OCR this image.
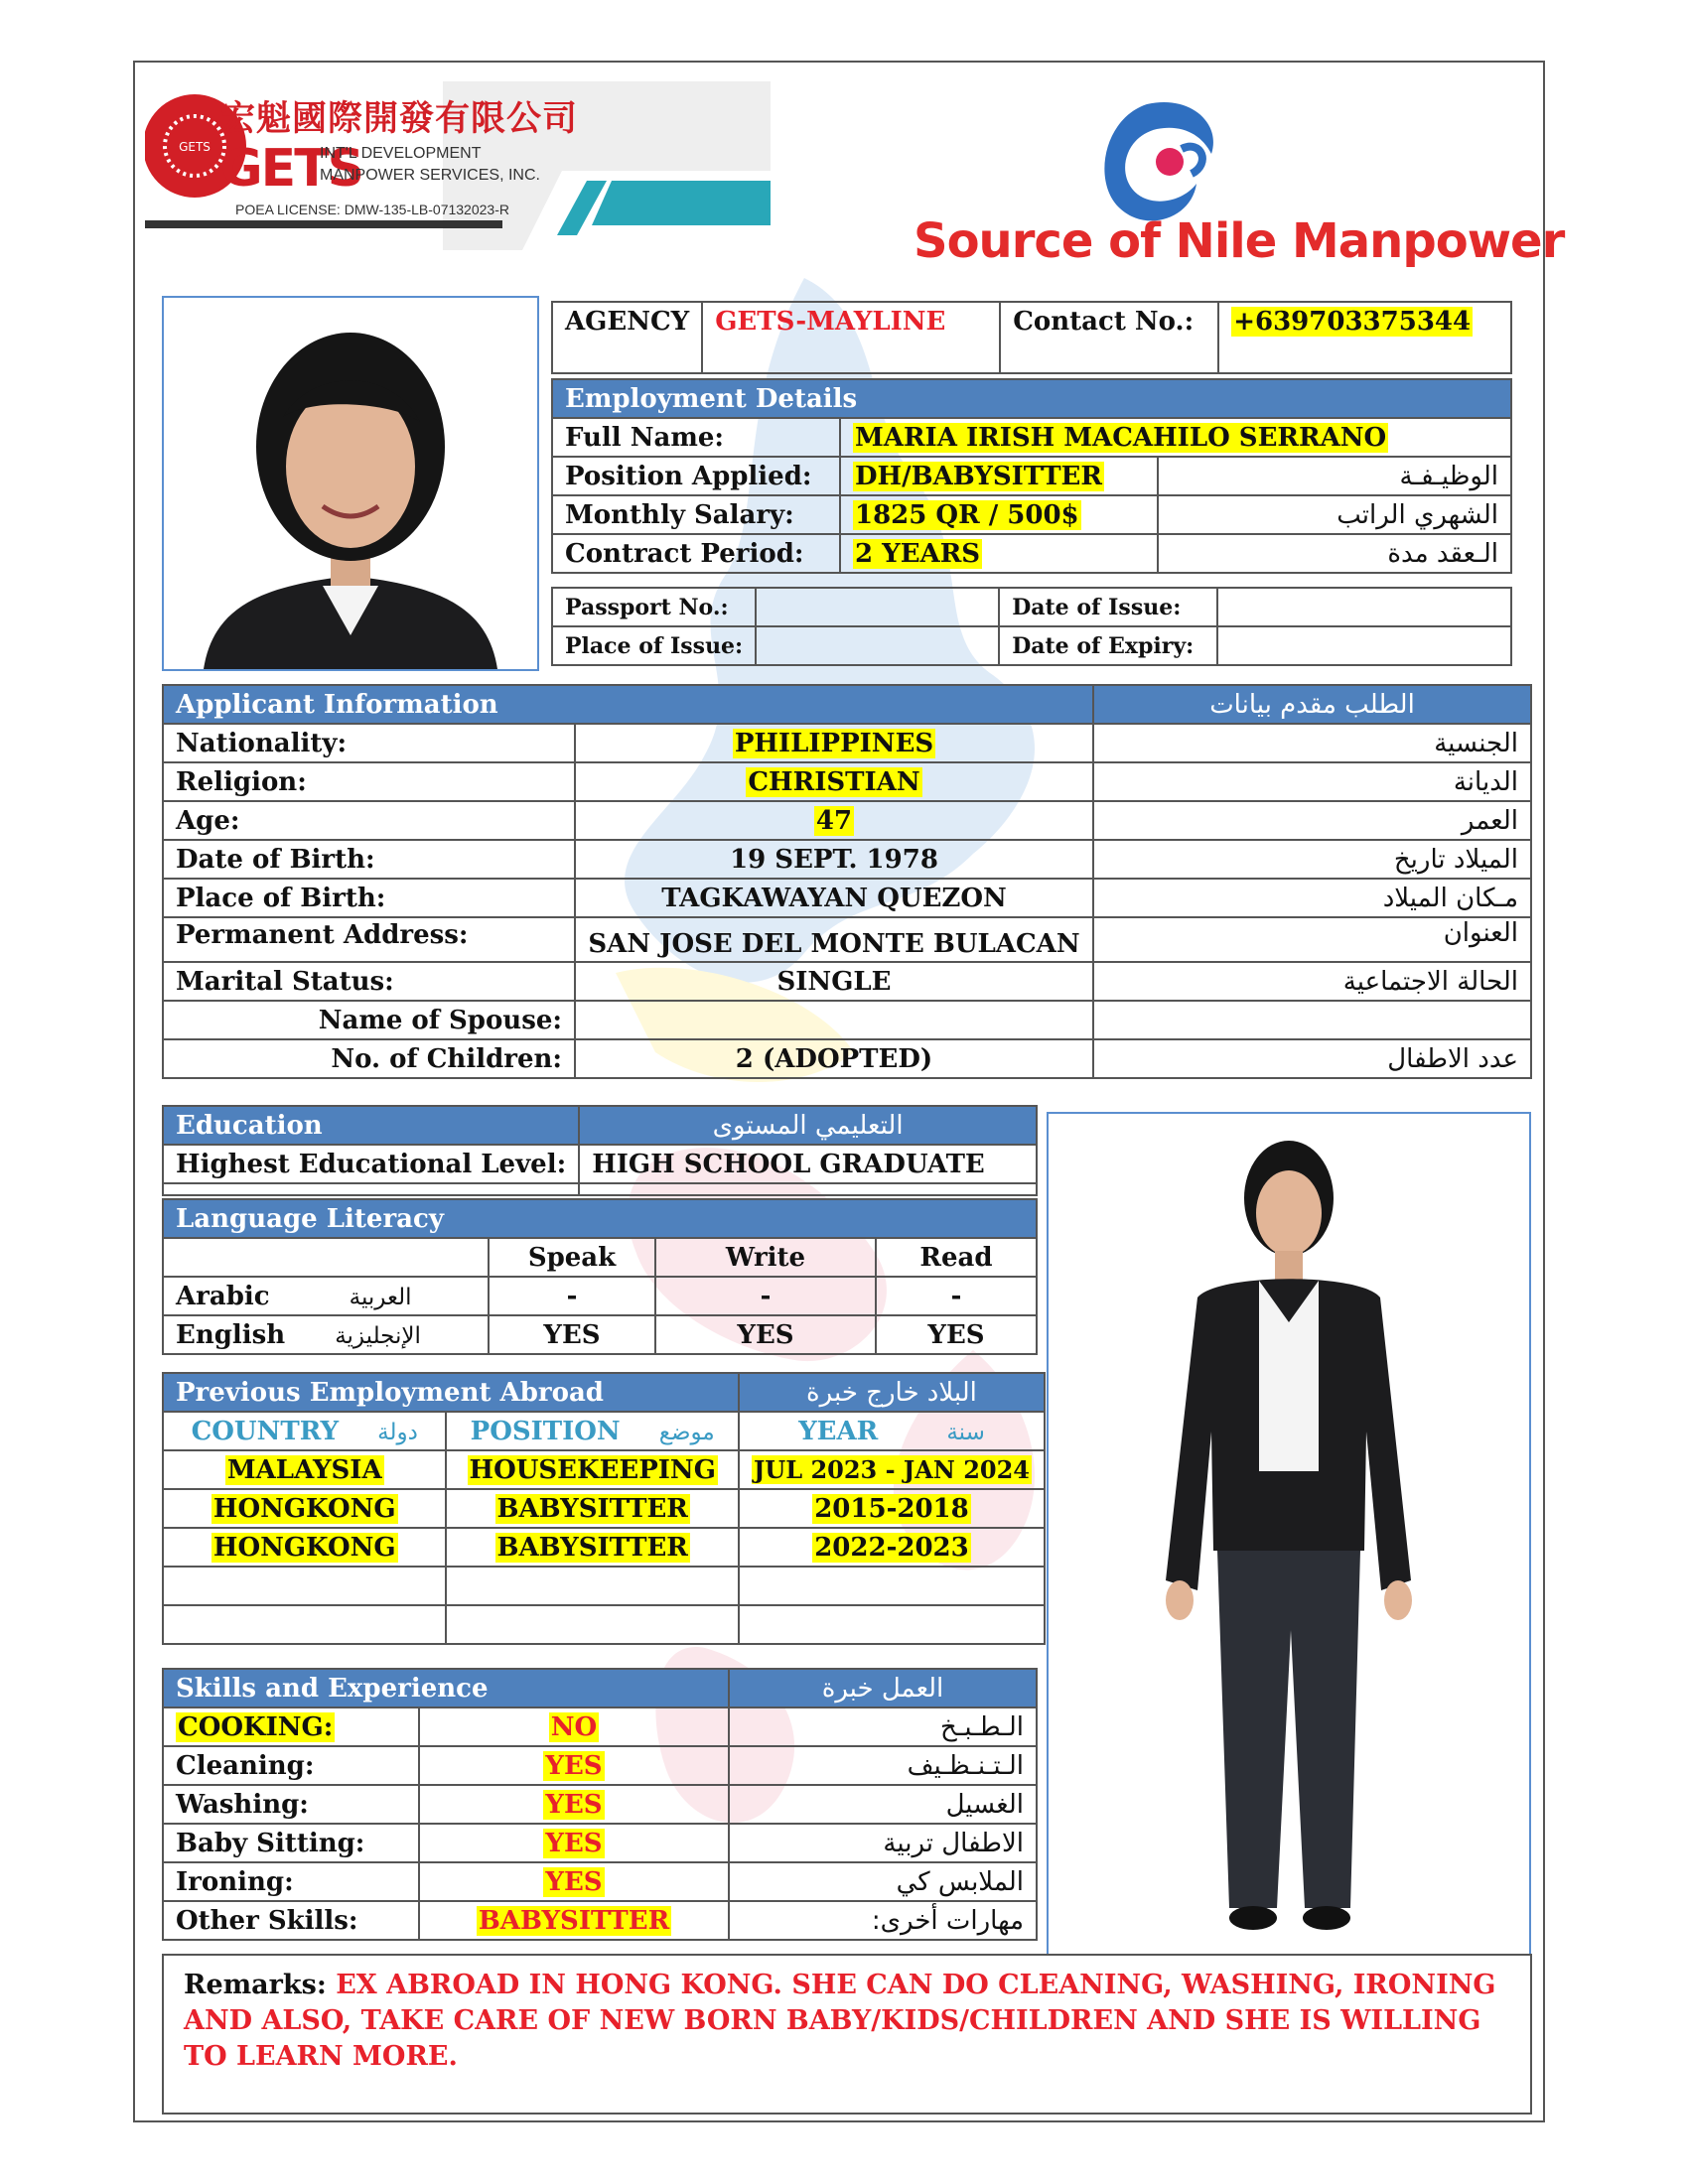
GETS
宏魁國際開發有限公司
GETS
INT'L DEVELOPMENT
MANPOWER SERVICES, INC.
POEA LICENSE: DMW-135-LB-07132023-R
Source of Nile Manpower
AGENCY	GETS-MAYLINE	Contact No.:	+639703375344
Employment Details		
Full Name:	MARIA IRISH MACAHILO SERRANO	
Position Applied:	DH/BABYSITTER	الوظيـفـة
Monthly Salary:	1825 QR / 500$	الشهري الراتب
Contract Period:	2 YEARS	الـعقد مدة
Passport No.:		Date of Issue:	
Place of Issue:		Date of Expiry:	
Applicant Information		الطلب مقدم بيانات
Nationality:	PHILIPPINES	الجنسية
Religion:	CHRISTIAN	الديانة
Age:	47	العمر
Date of Birth:	19 SEPT. 1978	الميلاد تاريخ
Place of Birth:	TAGKAWAYAN QUEZON	مـكان الميلاد
Permanent Address:	SAN JOSE DEL MONTE BULACAN	العنوان
Marital Status:	SINGLE	الحالة الاجتماعية
Name of Spouse:		
No. of Children:	2 (ADOPTED)	عدد الاطفال
Education	التعليمي المستوى
Highest Educational Level:	HIGH SCHOOL GRADUATE

Language Literacy			
	Speak	Write	Read
Arabic العربية	-	-	-
English الإنجليزية	YES	YES	YES
Previous Employment Abroad		البلاد خارج خبرة
COUNTRY دولة	POSITION موضع	YEAR سنة
MALAYSIA	HOUSEKEEPING	JUL 2023 - JAN 2024
HONGKONG	BABYSITTER	2015-2018
HONGKONG	BABYSITTER	2022-2023

Skills and Experience		العمل خبرة
COOKING:	NO	الـطـبـخ
Cleaning:	YES	الـتـنـظـيف
Washing:	YES	الغسيل
Baby Sitting:	YES	الاطفال تربية
Ironing:	YES	الملابس كي
Other Skills:	BABYSITTER	مهارات أخرى:
Remarks: EX ABROAD IN HONG KONG. SHE CAN DO CLEANING, WASHING, IRONING AND ALSO, TAKE CARE OF NEW BORN BABY/KIDS/CHILDREN AND SHE IS WILLING TO LEARN MORE.
